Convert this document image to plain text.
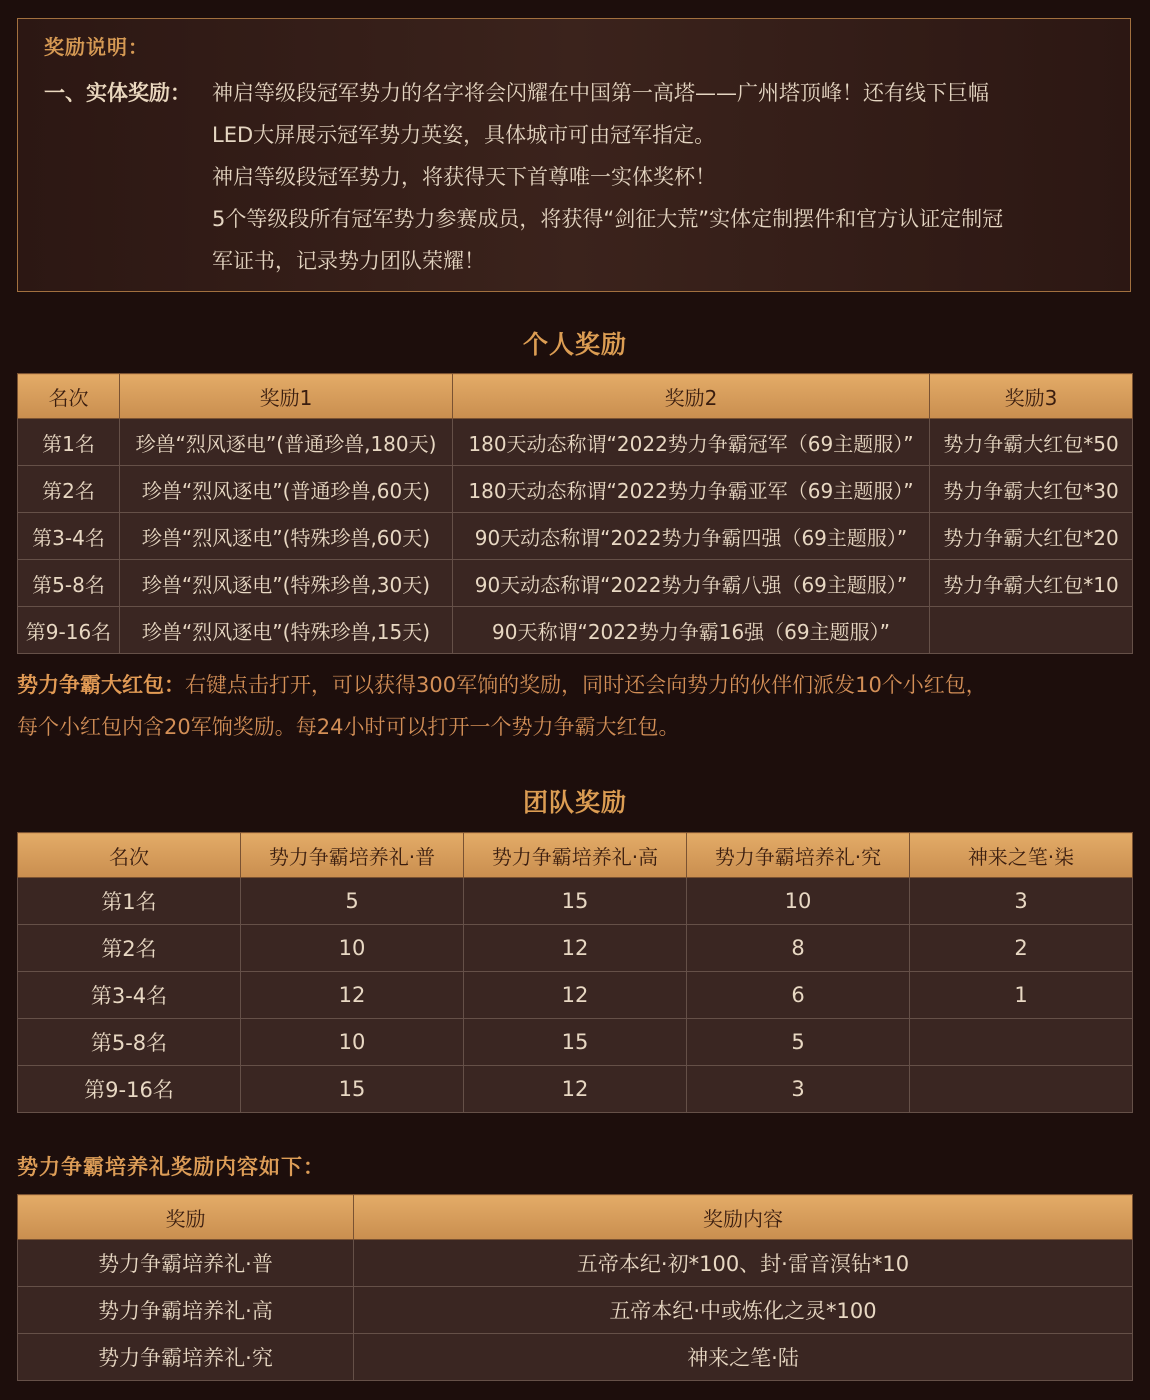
奖励说明：
一、实体奖励：	神启等级段冠军势力的名字将会闪耀在中国第一高塔——广州塔顶峰！还有线下巨幅
LED大屏展示冠军势力英姿，具体城市可由冠军指定。
神启等级段冠军势力，将获得天下首尊唯一实体奖杯！
5个等级段所有冠军势力参赛成员，将获得“剑征大荒”实体定制摆件和官方认证定制冠
军证书，记录势力团队荣耀！
个人奖励
名次	奖励1	奖励2	奖励3
第1名	珍兽“烈风逐电”(普通珍兽,180天)	180天动态称谓“2022势力争霸冠军（69主题服）”	势力争霸大红包*50
第2名	珍兽“烈风逐电”(普通珍兽,60天)	180天动态称谓“2022势力争霸亚军（69主题服）”	势力争霸大红包*30
第3-4名	珍兽“烈风逐电”(特殊珍兽,60天)	90天动态称谓“2022势力争霸四强（69主题服）”	势力争霸大红包*20
第5-8名	珍兽“烈风逐电”(特殊珍兽,30天)	90天动态称谓“2022势力争霸八强（69主题服）”	势力争霸大红包*10
第9-16名	珍兽“烈风逐电”(特殊珍兽,15天)	90天称谓“2022势力争霸16强（69主题服）”	
势力争霸大红包：右键点击打开，可以获得300军饷的奖励，同时还会向势力的伙伴们派发10个小红包，
每个小红包内含20军饷奖励。每24小时可以打开一个势力争霸大红包。
团队奖励
名次	势力争霸培养礼·普	势力争霸培养礼·高	势力争霸培养礼·究	神来之笔·柒
第1名	5	15	10	3
第2名	10	12	8	2
第3-4名	12	12	6	1
第5-8名	10	15	5	
第9-16名	15	12	3	
势力争霸培养礼奖励内容如下：
奖励	奖励内容
势力争霸培养礼·普	五帝本纪·初*100、封·雷音溟钻*10
势力争霸培养礼·高	五帝本纪·中或炼化之灵*100
势力争霸培养礼·究	神来之笔·陆
